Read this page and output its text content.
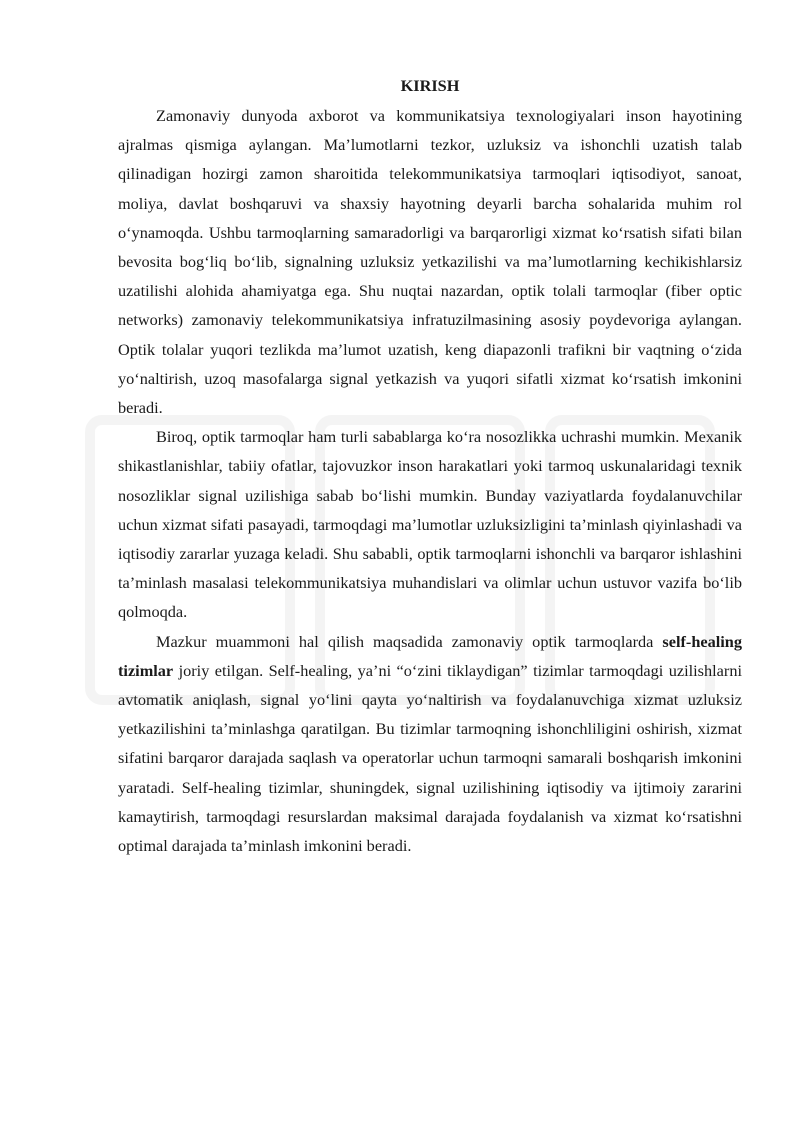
KIRISH

Zamonaviy dunyoda axborot va kommunikatsiya texnologiyalari inson hayotining ajralmas qismiga aylangan. Ma’lumotlarni tezkor, uzluksiz va ishonchli uzatish talab qilinadigan hozirgi zamon sharoitida telekommunikatsiya tarmoqlari iqtisodiyot, sanoat, moliya, davlat boshqaruvi va shaxsiy hayotning deyarli barcha sohalarida muhim rol o‘ynamoqda. Ushbu tarmoqlarning samaradorligi va barqarorligi xizmat ko‘rsatish sifati bilan bevosita bog‘liq bo‘lib, signalning uzluksiz yetkazilishi va ma’lumotlarning kechikishlarsiz uzatilishi alohida ahamiyatga ega. Shu nuqtai nazardan, optik tolali tarmoqlar (fiber optic networks) zamonaviy telekommunikatsiya infratuzilmasining asosiy poydevoriga aylangan. Optik tolalar yuqori tezlikda ma’lumot uzatish, keng diapazonli trafikni bir vaqtning o‘zida yo‘naltirish, uzoq masofalarga signal yetkazish va yuqori sifatli xizmat ko‘rsatish imkonini beradi.

Biroq, optik tarmoqlar ham turli sabablarga ko‘ra nosozlikka uchrashi mumkin. Mexanik shikastlanishlar, tabiiy ofatlar, tajovuzkor inson harakatlari yoki tarmoq uskunalaridagi texnik nosozliklar signal uzilishiga sabab bo‘lishi mumkin. Bunday vaziyatlarda foydalanuvchilar uchun xizmat sifati pasayadi, tarmoqdagi ma’lumotlar uzluksizligini ta’minlash qiyinlashadi va iqtisodiy zararlar yuzaga keladi. Shu sababli, optik tarmoqlarni ishonchli va barqaror ishlashini ta’minlash masalasi telekommunikatsiya muhandislari va olimlar uchun ustuvor vazifa bo‘lib qolmoqda.

Mazkur muammoni hal qilish maqsadida zamonaviy optik tarmoqlarda self-healing tizimlar joriy etilgan. Self-healing, ya’ni “o‘zini tiklaydigan” tizimlar tarmoqdagi uzilishlarni avtomatik aniqlash, signal yo‘lini qayta yo‘naltirish va foydalanuvchiga xizmat uzluksiz yetkazilishini ta’minlashga qaratilgan. Bu tizimlar tarmoqning ishonchliligini oshirish, xizmat sifatini barqaror darajada saqlash va operatorlar uchun tarmoqni samarali boshqarish imkonini yaratadi. Self-healing tizimlar, shuningdek, signal uzilishining iqtisodiy va ijtimoiy zararini kamaytirish, tarmoqdagi resurslardan maksimal darajada foydalanish va xizmat ko‘rsatishni optimal darajada ta’minlash imkonini beradi.
